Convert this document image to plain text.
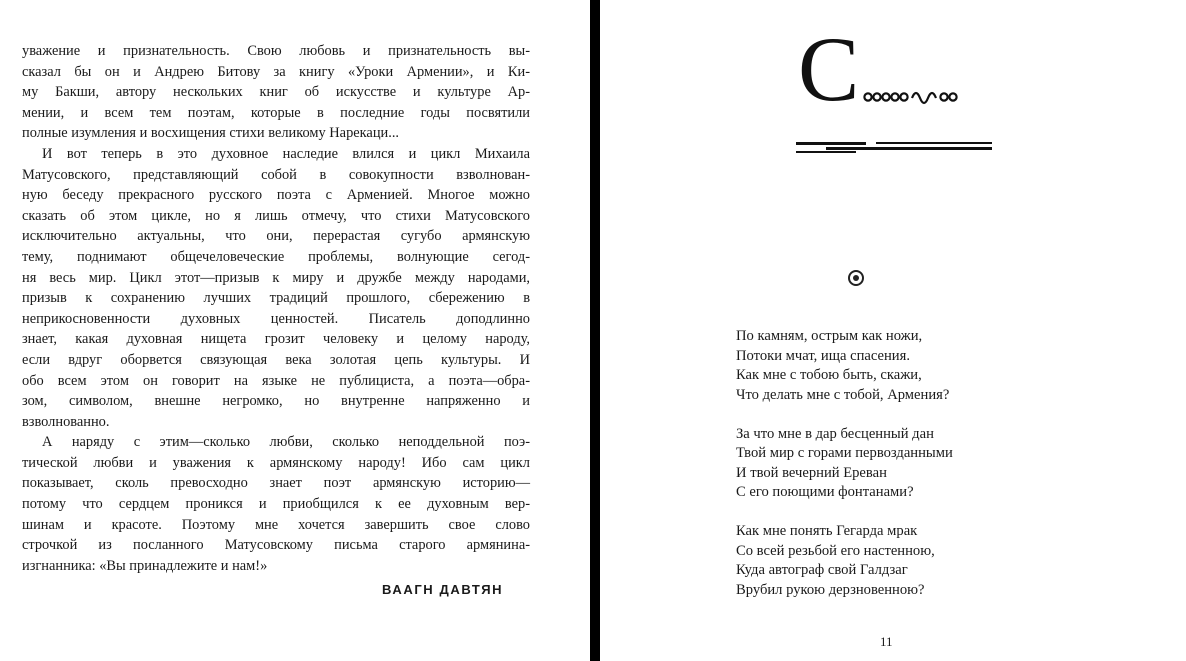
уважение и признательность. Свою любовь и признательность вы-
сказал бы он и Андрею Битову за книгу «Уроки Армении», и Ки-
му Бакши, автору нескольких книг об искусстве и культуре Ар-
мении, и всем тем поэтам, которые в последние годы посвятили
полные изумления и восхищения стихи великому Нарекаци...
И вот теперь в это духовное наследие влился и цикл Михаила
Матусовского, представляющий собой в совокупности взволнован-
ную беседу прекрасного русского поэта с Арменией. Многое можно
сказать об этом цикле, но я лишь отмечу, что стихи Матусовского
исключительно актуальны, что они, перерастая сугубо армянскую
тему, поднимают общечеловеческие проблемы, волнующие сегод-
ня весь мир. Цикл этот—призыв к миру и дружбе между народами,
призыв к сохранению лучших традиций прошлого, сбережению в
неприкосновенности духовных ценностей. Писатель доподлинно
знает, какая духовная нищета грозит человеку и целому народу,
если вдруг оборвется связующая века золотая цепь культуры. И
обо всем этом он говорит на языке не публициста, а поэта—обра-
зом, символом, внешне негромко, но внутренне напряженно и
взволнованно.
А наряду с этим—сколько любви, сколько неподдельной поэ-
тической любви и уважения к армянскому народу! Ибо сам цикл
показывает, сколь превосходно знает поэт армянскую историю—
потому что сердцем проникся и приобщился к ее духовным вер-
шинам и красоте. Поэтому мне хочется завершить свое слово
строчкой из посланного Матусовскому письма старого армянина-
изгнанника: «Вы принадлежите и нам!»
ВААГН ДАВТЯН
С
По камням, острым как ножи,
Потоки мчат, ища спасения.
Как мне с тобою быть, скажи,
Что делать мне с тобой, Армения?
За что мне в дар бесценный дан
Твой мир с горами первозданными
И твой вечерний Ереван
С его поющими фонтанами?
Как мне понять Гегарда мрак
Со всей резьбой его настенною,
Куда автограф свой Галдзаг
Врубил рукою дерзновенною?
11
